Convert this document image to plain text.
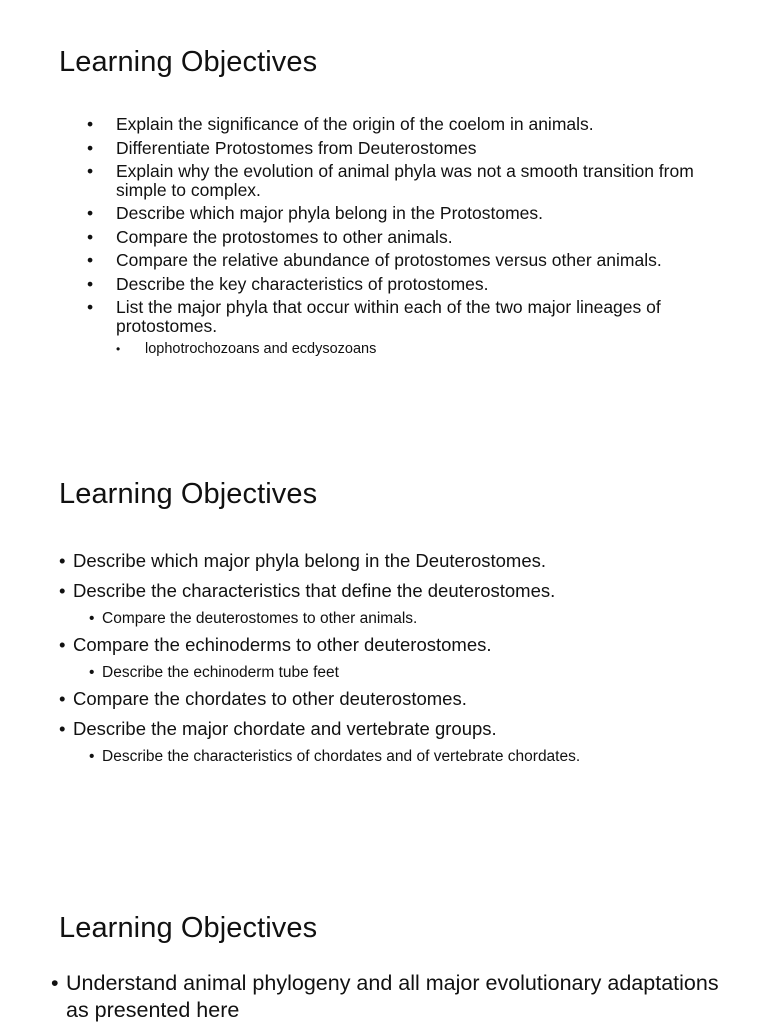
Learning Objectives
• Explain the significance of the origin of the coelom in animals.
• Differentiate Protostomes from Deuterostomes
• Explain why the evolution of animal phyla was not a smooth transition from simple to complex.
• Describe which major phyla belong in the Protostomes.
• Compare the protostomes to other animals.
• Compare the relative abundance of protostomes versus other animals.
• Describe the key characteristics of protostomes.
• List the major phyla that occur within each of the two major lineages of protostomes.
• lophotrochozoans and ecdysozoans
Learning Objectives
• Describe which major phyla belong in the Deuterostomes.
• Describe the characteristics that define the deuterostomes.
• Compare the deuterostomes to other animals.
• Compare the echinoderms to other deuterostomes.
• Describe the echinoderm tube feet
• Compare the chordates to other deuterostomes.
• Describe the major chordate and vertebrate groups.
• Describe the characteristics of chordates and of vertebrate chordates.
Learning Objectives
• Understand animal phylogeny and all major evolutionary adaptations as presented here
